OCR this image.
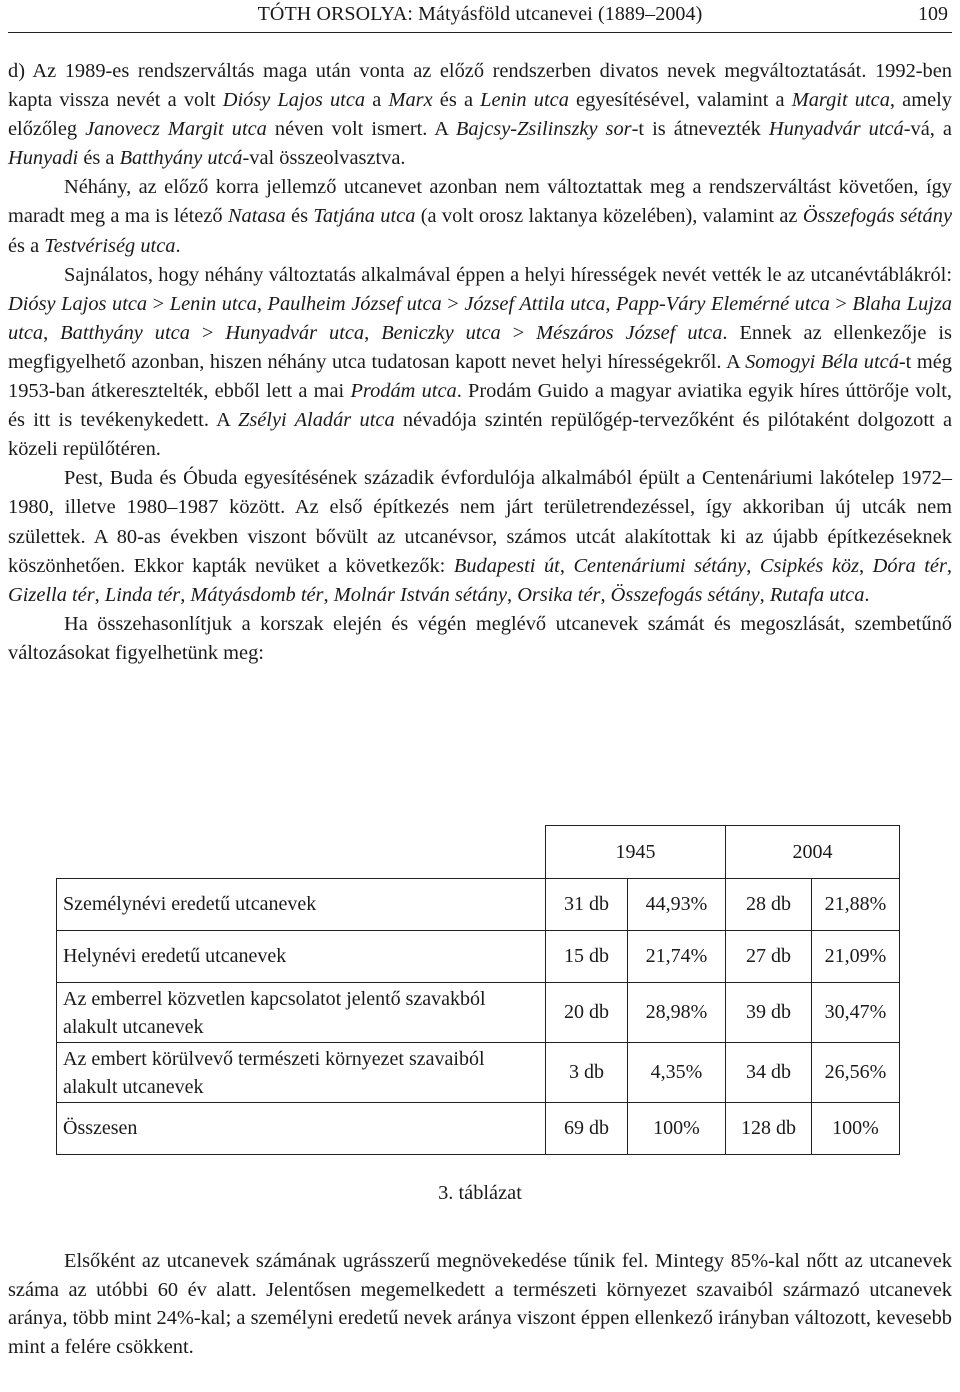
TÓTH ORSOLYA: Mátyásföld utcanevei (1889–2004)	109

d) Az 1989-es rendszerváltás maga után vonta az előző rendszerben divatos nevek megváltoztatását. 1992-ben kapta vissza nevét a volt Diósy Lajos utca a Marx és a Lenin utca egyesítésével, valamint a Margit utca, amely előzőleg Janovecz Margit utca néven volt ismert. A Bajcsy-Zsilinszky sor-t is átnevezték Hunyadvár utcá-vá, a Hunyadi és a Batthyány utcá-val összeolvasztva.

Néhány, az előző korra jellemző utcanevet azonban nem változtattak meg a rendszerváltást követően, így maradt meg a ma is létező Natasa és Tatjána utca (a volt orosz laktanya közelében), valamint az Összefogás sétány és a Testvériség utca.

Sajnálatos, hogy néhány változtatás alkalmával éppen a helyi hírességek nevét vették le az utcanévtáblákról: Diósy Lajos utca > Lenin utca, Paulheim József utca > József Attila utca, Papp-Váry Elemérné utca > Blaha Lujza utca, Batthyány utca > Hunyadvár utca, Beniczky utca > Mészáros József utca. Ennek az ellenkezője is megfigyelhető azonban, hiszen néhány utca tudatosan kapott nevet helyi hírességekről. A Somogyi Béla utcá-t még 1953-ban átkeresztelték, ebből lett a mai Prodám utca. Prodám Guido a magyar aviatika egyik híres úttörője volt, és itt is tevékenykedett. A Zsélyi Aladár utca névadója szintén repülőgép-tervezőként és pilótaként dolgozott a közeli repülőtéren.

Pest, Buda és Óbuda egyesítésének századik évfordulója alkalmából épült a Centenáriumi lakótelep 1972–1980, illetve 1980–1987 között. Az első építkezés nem járt területrendezéssel, így akkoriban új utcák nem születtek. A 80-as években viszont bővült az utcanévsor, számos utcát alakítottak ki az újabb építkezéseknek köszönhetően. Ekkor kapták nevüket a következők: Budapesti út, Centenáriumi sétány, Csipkés köz, Dóra tér, Gizella tér, Linda tér, Mátyásdomb tér, Molnár István sétány, Orsika tér, Összefogás sétány, Rutafa utca.

Ha összehasonlítjuk a korszak elején és végén meglévő utcanevek számát és megoszlását, szembetűnő változásokat figyelhetünk meg:

	1945		2004	
Személynévi eredetű utcanevek	31 db	44,93%	28 db	21,88%
Helynévi eredetű utcanevek	15 db	21,74%	27 db	21,09%
Az emberrel közvetlen kapcsolatot jelentő szavakból alakult utcanevek	20 db	28,98%	39 db	30,47%
Az embert körülvevő természeti környezet szavaiból alakult utcanevek	3 db	4,35%	34 db	26,56%
Összesen	69 db	100%	128 db	100%
3. táblázat

Elsőként az utcanevek számának ugrásszerű megnövekedése tűnik fel. Mintegy 85%-kal nőtt az utcanevek száma az utóbbi 60 év alatt. Jelentősen megemelkedett a természeti környezet szavaiból származó utcanevek aránya, több mint 24%-kal; a személyni eredetű nevek aránya viszont éppen ellenkező irányban változott, kevesebb mint a felére csökkent.
